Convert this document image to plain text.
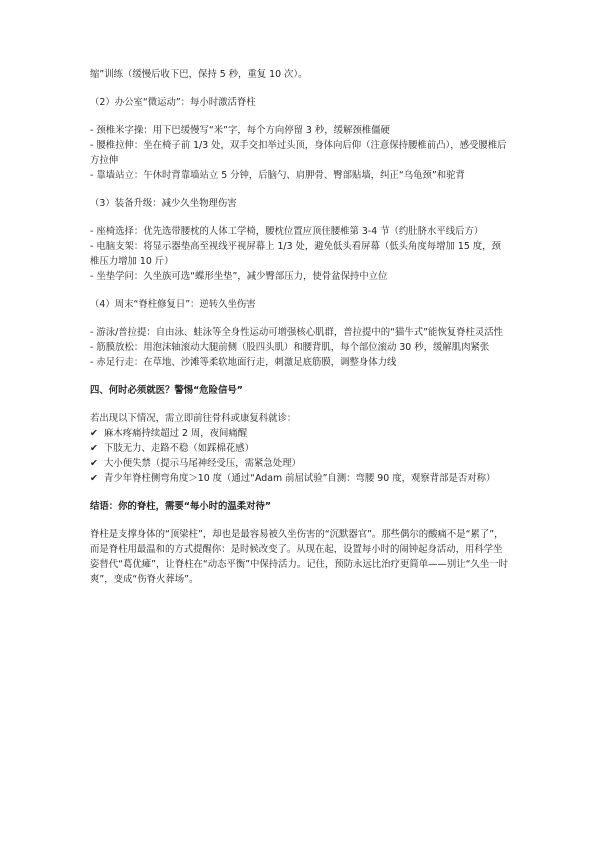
缩”训练（缓慢后收下巴，保持 5 秒，重复 10 次）。

（2）办公室“微运动”：每小时激活脊柱

- 颈椎米字操：用下巴缓慢写“米”字，每个方向停留 3 秒，缓解颈椎僵硬

- 腰椎拉伸：坐在椅子前 1/3 处，双手交扣举过头顶，身体向后仰（注意保持腰椎前凸），感受腰椎后方拉伸

- 靠墙站立：午休时背靠墙站立 5 分钟，后脑勺、肩胛骨、臀部贴墙，纠正“乌龟颈”和驼背

（3）装备升级：减少久坐物理伤害

- 座椅选择：优先选带腰枕的人体工学椅，腰枕位置应顶住腰椎第 3-4 节（约肚脐水平线后方）

- 电脑支架：将显示器垫高至视线平视屏幕上 1/3 处，避免低头看屏幕（低头角度每增加 15 度，颈椎压力增加 10 斤）

- 坐垫学问：久坐族可选“蝶形坐垫”，减少臀部压力，使骨盆保持中立位

（4）周末“脊柱修复日”：逆转久坐伤害

- 游泳/普拉提：自由泳、蛙泳等全身性运动可增强核心肌群，普拉提中的“猫牛式”能恢复脊柱灵活性

- 筋膜放松：用泡沫轴滚动大腿前侧（股四头肌）和腰背肌，每个部位滚动 30 秒，缓解肌肉紧张

- 赤足行走：在草地、沙滩等柔软地面行走，刺激足底筋膜，调整身体力线

四、何时必须就医？警惕“危险信号”

若出现以下情况，需立即前往骨科或康复科就诊：

✔ 麻木疼痛持续超过 2 周，夜间痛醒

✔ 下肢无力、走路不稳（如踩棉花感）

✔ 大小便失禁（提示马尾神经受压，需紧急处理）

✔ 青少年脊柱侧弯角度＞10 度（通过“Adam 前屈试验”自测：弯腰 90 度，观察背部是否对称）

结语：你的脊柱，需要“每小时的温柔对待”

脊柱是支撑身体的“顶梁柱”，却也是最容易被久坐伤害的“沉默器官”。那些偶尔的酸痛不是“累了”，而是脊柱用最温和的方式提醒你：是时候改变了。从现在起，设置每小时的闹钟起身活动，用科学坐姿替代“葛优瘫”，让脊柱在“动态平衡”中保持活力。记住，预防永远比治疗更简单——别让“久坐一时爽”，变成“伤脊火葬场”。
